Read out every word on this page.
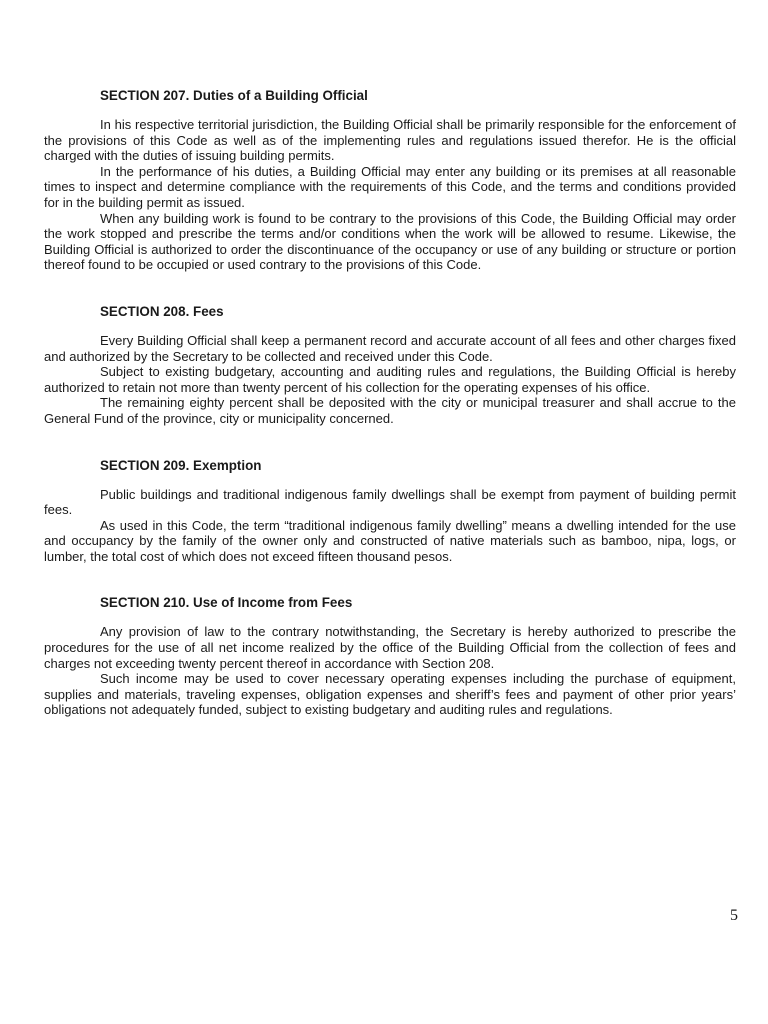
SECTION 207. Duties of a Building Official

In his respective territorial jurisdiction, the Building Official shall be primarily responsible for the enforcement of the provisions of this Code as well as of the implementing rules and regulations issued therefor. He is the official charged with the duties of issuing building permits.

In the performance of his duties, a Building Official may enter any building or its premises at all reasonable times to inspect and determine compliance with the requirements of this Code, and the terms and conditions provided for in the building permit as issued.

When any building work is found to be contrary to the provisions of this Code, the Building Official may order the work stopped and prescribe the terms and/or conditions when the work will be allowed to resume. Likewise, the Building Official is authorized to order the discontinuance of the occupancy or use of any building or structure or portion thereof found to be occupied or used contrary to the provisions of this Code.

SECTION 208. Fees

Every Building Official shall keep a permanent record and accurate account of all fees and other charges fixed and authorized by the Secretary to be collected and received under this Code.

Subject to existing budgetary, accounting and auditing rules and regulations, the Building Official is hereby authorized to retain not more than twenty percent of his collection for the operating expenses of his office.

The remaining eighty percent shall be deposited with the city or municipal treasurer and shall accrue to the General Fund of the province, city or municipality concerned.

SECTION 209. Exemption

Public buildings and traditional indigenous family dwellings shall be exempt from payment of building permit fees.

As used in this Code, the term “traditional indigenous family dwelling” means a dwelling intended for the use and occupancy by the family of the owner only and constructed of native materials such as bamboo, nipa, logs, or lumber, the total cost of which does not exceed fifteen thousand pesos.

SECTION 210. Use of Income from Fees

Any provision of law to the contrary notwithstanding, the Secretary is hereby authorized to prescribe the procedures for the use of all net income realized by the office of the Building Official from the collection of fees and charges not exceeding twenty percent thereof in accordance with Section 208.

Such income may be used to cover necessary operating expenses including the purchase of equipment, supplies and materials, traveling expenses, obligation expenses and sheriff’s fees and payment of other prior years’ obligations not adequately funded, subject to existing budgetary and auditing rules and regulations.

5
